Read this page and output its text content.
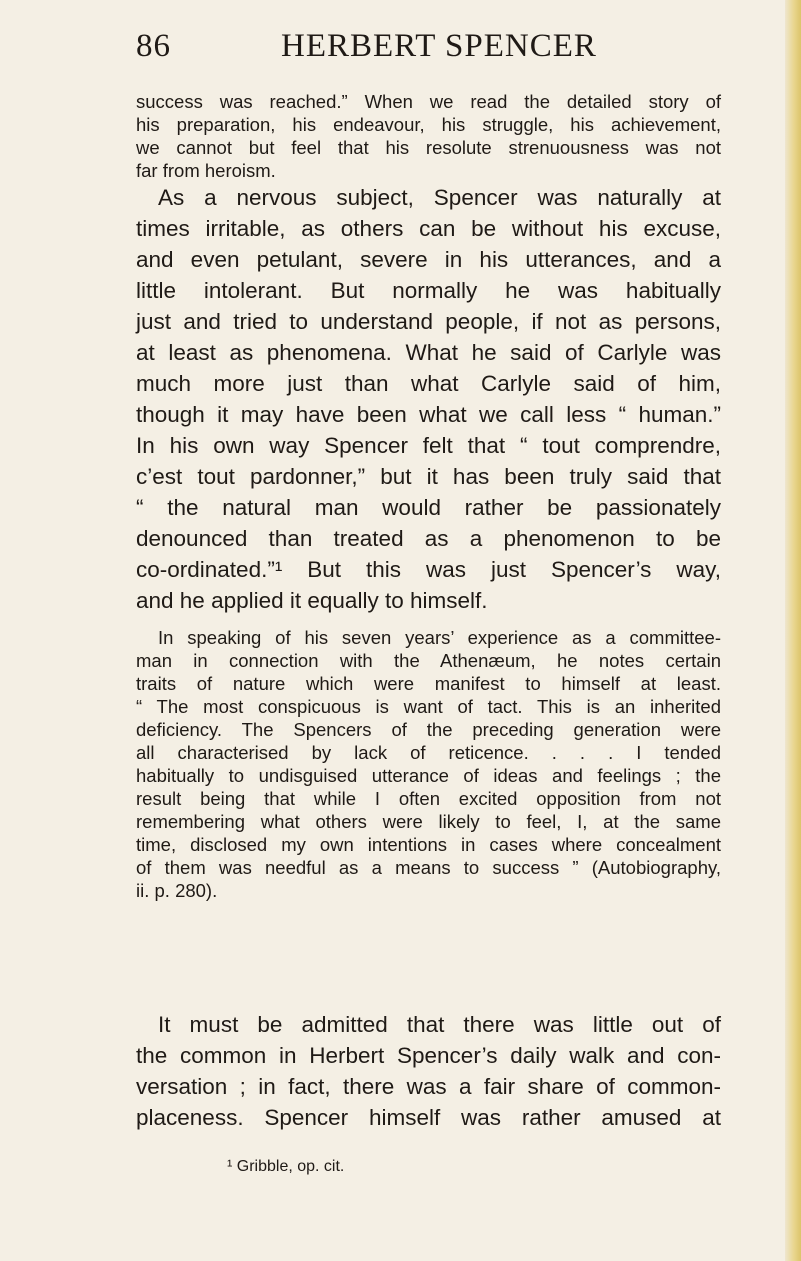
86	HERBERT SPENCER
success was reached.” When we read the detailed story of
his preparation, his endeavour, his struggle, his achievement,
we cannot but feel that his resolute strenuousness was not
far from heroism.
As a nervous subject, Spencer was naturally at
times irritable, as others can be without his excuse,
and even petulant, severe in his utterances, and a
little intolerant. But normally he was habitually
just and tried to understand people, if not as persons,
at least as phenomena. What he said of Carlyle was
much more just than what Carlyle said of him,
though it may have been what we call less “ human.”
In his own way Spencer felt that “ tout comprendre,
c’est tout pardonner,” but it has been truly said that
“ the natural man would rather be passionately
denounced than treated as a phenomenon to be
co-ordinated.”¹ But this was just Spencer’s way,
and he applied it equally to himself.
In speaking of his seven years’ experience as a committee-
man in connection with the Athenæum, he notes certain
traits of nature which were manifest to himself at least.
“ The most conspicuous is want of tact. This is an inherited
deficiency. The Spencers of the preceding generation were
all characterised by lack of reticence. . . . I tended
habitually to undisguised utterance of ideas and feelings ; the
result being that while I often excited opposition from not
remembering what others were likely to feel, I, at the same
time, disclosed my own intentions in cases where concealment
of them was needful as a means to success ” (Autobiography,
ii. p. 280).
It must be admitted that there was little out of
the common in Herbert Spencer’s daily walk and con-
versation ; in fact, there was a fair share of common-
placeness. Spencer himself was rather amused at
¹ Gribble, op. cit.
